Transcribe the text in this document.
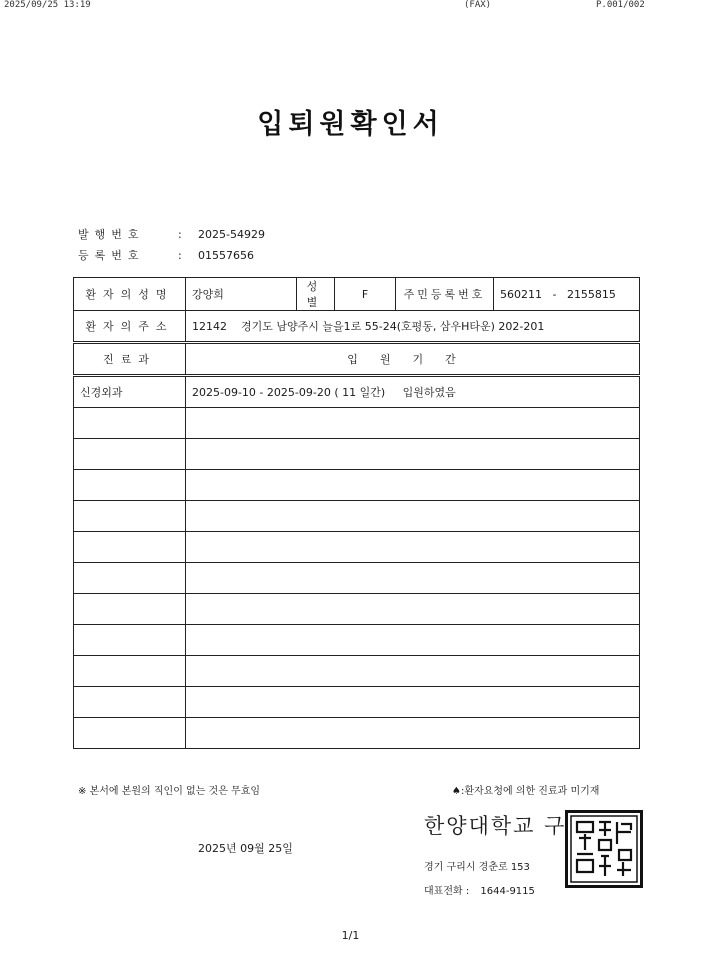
2025/09/25 13:19	(FAX)	P.001/002
입퇴원확인서
발행번호	: 2025-54929
등록번호	: 01557656
환자의성명	강양희	성별	F	주민등록번호	560211   -   2155815
환자의주소	12142    경기도 남양주시 늘을1로 55-24(호평동, 삼우H타운) 202-201				
진료과	입원기간				
신경외과	2025-09-10 - 2025-09-20 ( 11 일간)     입원하였음				

※ 본서에 본원의 직인이 없는 것은 무효임	♠:환자요청에 의한 진료과 미기재
2025년 09월 25일
한양대학교 구
경기 구리시 경춘로 153
대표전화 : 1644-9115
1/1
